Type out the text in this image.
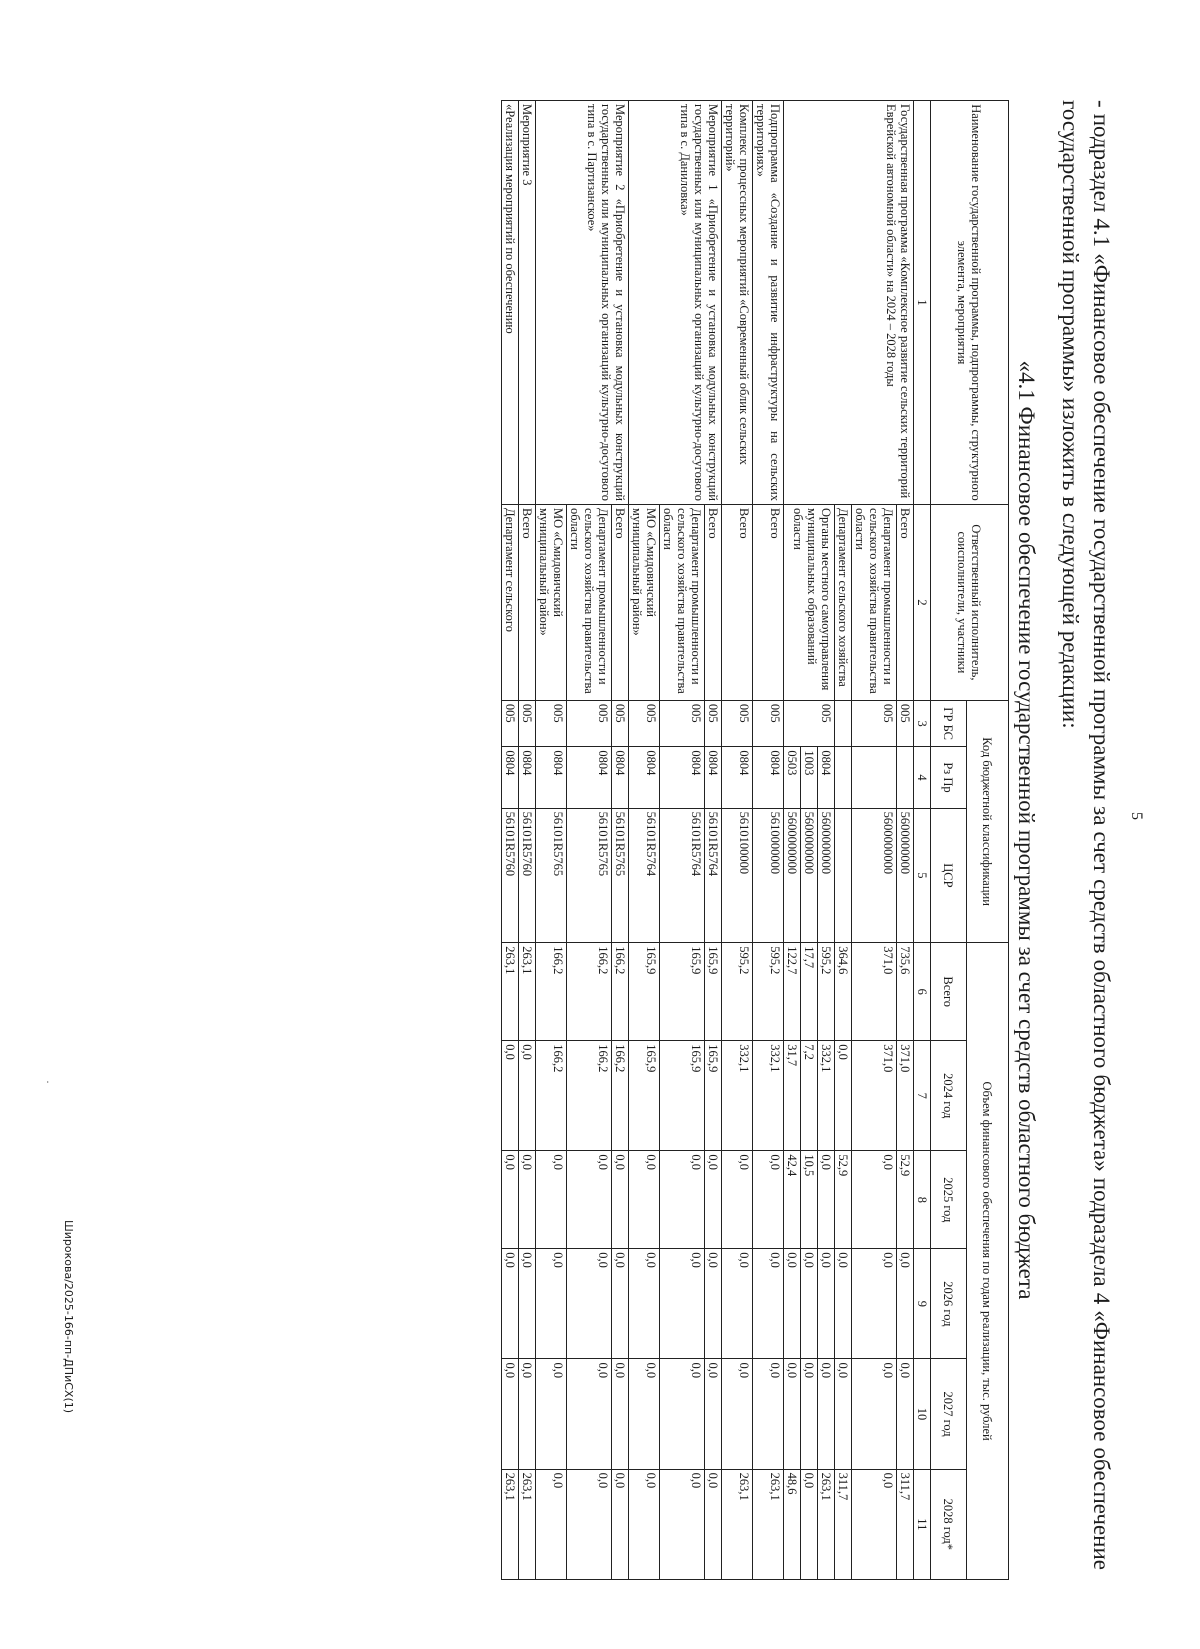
5
- подраздел 4.1 «Финансовое обеспечение государственной программы за счет средств областного бюджета» подраздела 4 «Финансовое обеспечение государственной программы» изложить в следующей редакции:
«4.1 Финансовое обеспечение государственной программы за счет средств областного бюджета
Наименование государственной программы, подпрограммы, структурного элемента, мероприятия	Ответственный исполнитель, соисполнители, участники	Код бюджетной классификации			Объем финансового обеспечения по годам реализации, тыс. рублей					
		ГР БС	Рз Пр	ЦСР	Всего	2024 год	2025 год	2026 год	2027 год	2028 год*

1	2	3	4	5	6	7	8	9	10	11
Государственная программа «Комплексное развитие сельских территорий Еврейской автономной области» на 2024 – 2028 годы	Всего	005		5600000000	735,6	371,0	52,9	0,0	0,0	311,7
	Департамент промышленности и сельского хозяйства правительства области	005		5600000000	371,0	371,0	0,0	0,0	0,0	0,0
	Департамент сельского хозяйства				364,6	0,0	52,9	0,0	0,0	311,7
	Органы местного самоуправления муниципальных образований области	005	0804	5600000000	595,2	332,1	0,0	0,0	0,0	263,1
			1003	5600000000	17,7	7,2	10,5	0,0	0,0	0,0
			0503	5600000000	122,7	31,7	42,4	0,0	0,0	48,6
Подпрограмма «Создание и развитие инфраструктуры на сельских территориях»	Всего	005	0804	5610000000	595,2	332,1	0,0	0,0	0,0	263,1
Комплекс процессных мероприятий «Современный облик сельских территорий»	Всего	005	0804	5610100000	595,2	332,1	0,0	0,0	0,0	263,1
Мероприятие 1 «Приобретение и установка модульных конструкций государственных или муниципальных организаций культурно-досугового типа в с. Даниловка»	Всего	005	0804	56101R5764	165,9	165,9	0,0	0,0	0,0	0,0
	Департамент промышленности и сельского хозяйства правительства области	005	0804	56101R5764	165,9	165,9	0,0	0,0	0,0	0,0
	МО «Смидовичский муниципальный район»	005	0804	56101R5764	165,9	165,9	0,0	0,0	0,0	0,0
Мероприятие 2 «Приобретение и установка модульных конструкций государственных или муниципальных организаций культурно-досугового типа в с. Партизанское»	Всего	005	0804	56101R5765	166,2	166,2	0,0	0,0	0,0	0,0
	Департамент промышленности и сельского хозяйства правительства области	005	0804	56101R5765	166,2	166,2	0,0	0,0	0,0	0,0
	МО «Смидовичский муниципальный район»	005	0804	56101R5765	166,2	166,2	0,0	0,0	0,0	0,0
Мероприятие 3	Всего	005	0804	56101R5760	263,1	0,0	0,0	0,0	0,0	263,1
«Реализация мероприятий по обеспечению	Департамент сельского	005	0804	56101R5760	263,1	0,0	0,0	0,0	0,0	263,1
Широкова/2025-166-пп-ДПиСХ(1)
·
